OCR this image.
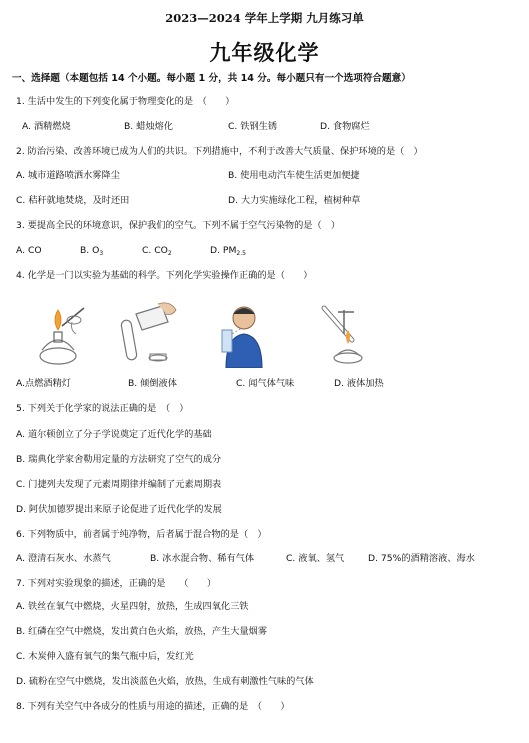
2023—2024 学年上学期 九月练习单
九年级化学
一、选择题（本题包括 14 个小题。每小题 1 分，共 14 分。每小题只有一个选项符合题意）
1. 生活中发生的下列变化属于物理变化的是　（　　）
A. 酒精燃烧	B. 蜡烛熔化	C. 铁钢生锈	D. 食物腐烂
2. 防治污染、改善环境已成为人们的共识。下列措施中，不利于改善大气质量、保护环境的是（　）
A. 城市道路喷洒水雾降尘	B. 使用电动汽车使生活更加便捷
C. 秸秆就地焚烧，及时还田	D. 大力实施绿化工程，植树种草
3. 要提高全民的环境意识，保护我们的空气。下列不属于空气污染物的是（　）
A. CO	B. $O_3$	C. $CO_2$	D. $PM_{2.5}$
4. 化学是一门以实验为基础的科学。下列化学实验操作正确的是（　　）
A.点燃酒精灯	B. 倾倒液体	C. 闻气体气味	D. 液体加热
5. 下列关于化学家的说法正确的是　（　）
A. 道尔顿创立了分子学说奠定了近代化学的基础
B. 瑞典化学家舍勒用定量的方法研究了空气的成分
C. 门捷列夫发现了元素周期律并编制了元素周期表
D. 阿伏加德罗提出来原子论促进了近代化学的发展
6. 下列物质中，前者属于纯净物，后者属于混合物的是（　）
A. 澄清石灰水、水蒸气	B. 冰水混合物、稀有气体	C. 液氧、氢气	D. 75%的酒精溶液、海水
7. 下列对实验现象的描述，正确的是　　（　　）
A. 铁丝在氧气中燃烧，火星四射，放热，生成四氧化三铁
B. 红磷在空气中燃烧，发出黄白色火焰，放热，产生大量烟雾
C. 木炭伸入盛有氧气的集气瓶中后，发红光
D. 硫粉在空气中燃烧，发出淡蓝色火焰，放热，生成有刺激性气味的气体
8. 下列有关空气中各成分的性质与用途的描述，正确的是　（　　）
